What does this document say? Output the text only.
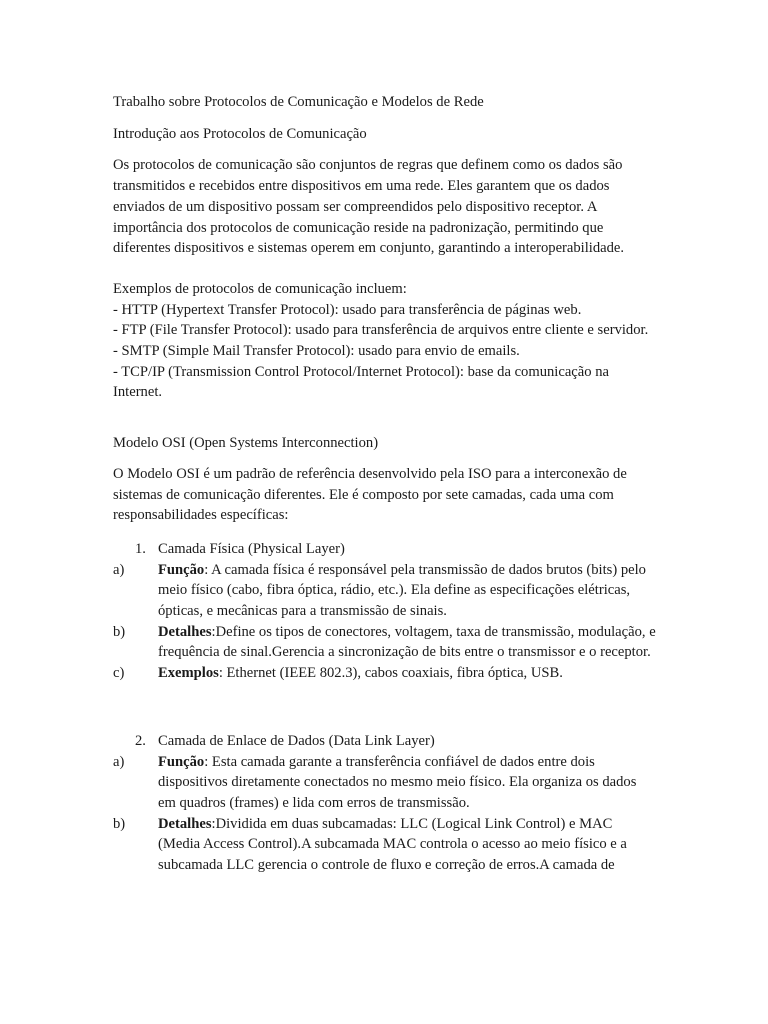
Trabalho sobre Protocolos de Comunicação e Modelos de Rede

Introdução aos Protocolos de Comunicação

Os protocolos de comunicação são conjuntos de regras que definem como os dados são transmitidos e recebidos entre dispositivos em uma rede. Eles garantem que os dados enviados de um dispositivo possam ser compreendidos pelo dispositivo receptor. A importância dos protocolos de comunicação reside na padronização, permitindo que diferentes dispositivos e sistemas operem em conjunto, garantindo a interoperabilidade.

Exemplos de protocolos de comunicação incluem:
- HTTP (Hypertext Transfer Protocol): usado para transferência de páginas web.
- FTP (File Transfer Protocol): usado para transferência de arquivos entre cliente e servidor.
- SMTP (Simple Mail Transfer Protocol): usado para envio de emails.
- TCP/IP (Transmission Control Protocol/Internet Protocol): base da comunicação na Internet.

Modelo OSI (Open Systems Interconnection)

O Modelo OSI é um padrão de referência desenvolvido pela ISO para a interconexão de sistemas de comunicação diferentes. Ele é composto por sete camadas, cada uma com responsabilidades específicas:

1. Camada Física (Physical Layer)
a) Função: A camada física é responsável pela transmissão de dados brutos (bits) pelo meio físico (cabo, fibra óptica, rádio, etc.). Ela define as especificações elétricas, ópticas, e mecânicas para a transmissão de sinais.
b) Detalhes:Define os tipos de conectores, voltagem, taxa de transmissão, modulação, e frequência de sinal.Gerencia a sincronização de bits entre o transmissor e o receptor.
c) Exemplos: Ethernet (IEEE 802.3), cabos coaxiais, fibra óptica, USB.
2. Camada de Enlace de Dados (Data Link Layer)
a) Função: Esta camada garante a transferência confiável de dados entre dois dispositivos diretamente conectados no mesmo meio físico. Ela organiza os dados em quadros (frames) e lida com erros de transmissão.
b) Detalhes:Dividida em duas subcamadas: LLC (Logical Link Control) e MAC (Media Access Control).A subcamada MAC controla o acesso ao meio físico e a subcamada LLC gerencia o controle de fluxo e correção de erros.A camada de
